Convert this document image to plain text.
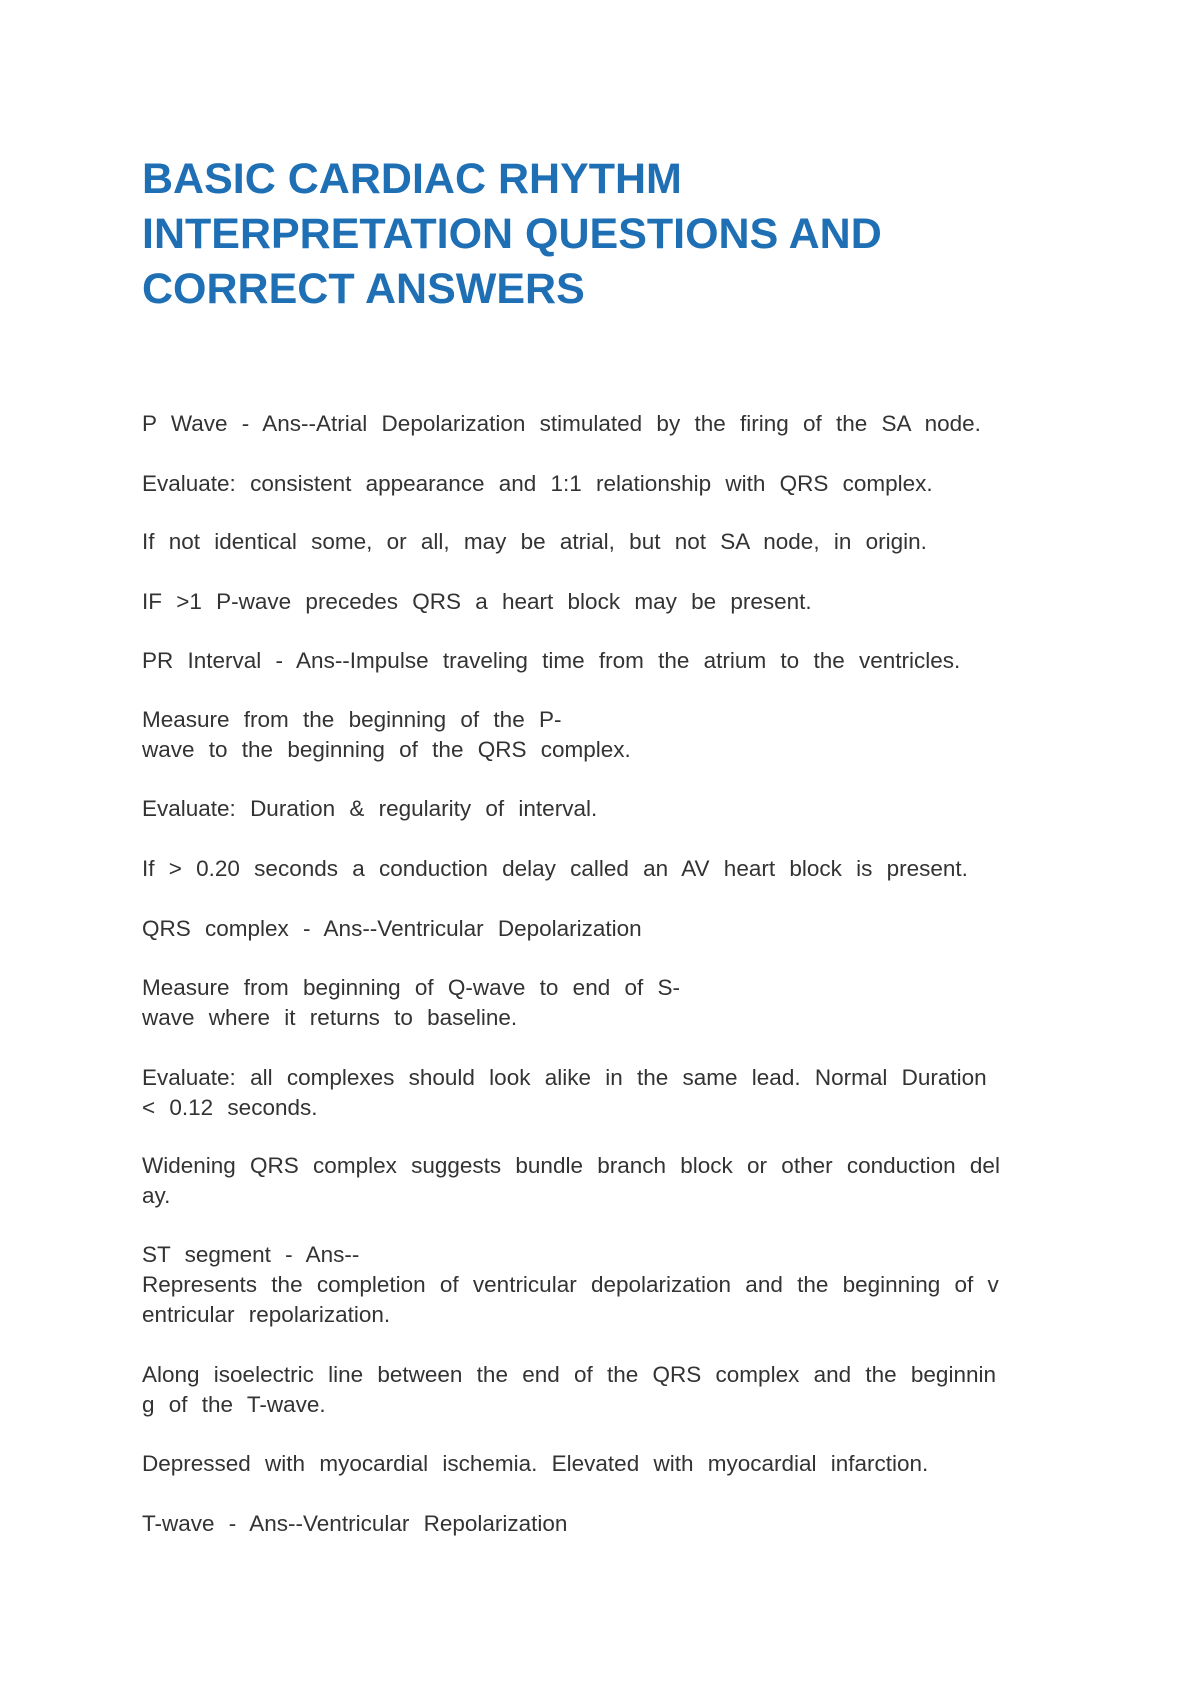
BASIC CARDIAC RHYTHM
INTERPRETATION QUESTIONS AND
CORRECT ANSWERS

P Wave - Ans--Atrial Depolarization stimulated by the firing of the SA node.

Evaluate: consistent appearance and 1:1 relationship with QRS complex.

If not identical some, or all, may be atrial, but not SA node, in origin.

IF >1 P-wave precedes QRS a heart block may be present.

PR Interval - Ans--Impulse traveling time from the atrium to the ventricles.

Measure from the beginning of the P-
wave to the beginning of the QRS complex.

Evaluate: Duration & regularity of interval.

If > 0.20 seconds a conduction delay called an AV heart block is present.

QRS complex - Ans--Ventricular Depolarization

Measure from beginning of Q-wave to end of S-
wave where it returns to baseline.

Evaluate: all complexes should look alike in the same lead. Normal Duration
< 0.12 seconds.

Widening QRS complex suggests bundle branch block or other conduction del
ay.

ST segment - Ans--
Represents the completion of ventricular depolarization and the beginning of v
entricular repolarization.

Along isoelectric line between the end of the QRS complex and the beginnin
g of the T-wave.

Depressed with myocardial ischemia. Elevated with myocardial infarction.

T-wave - Ans--Ventricular Repolarization
